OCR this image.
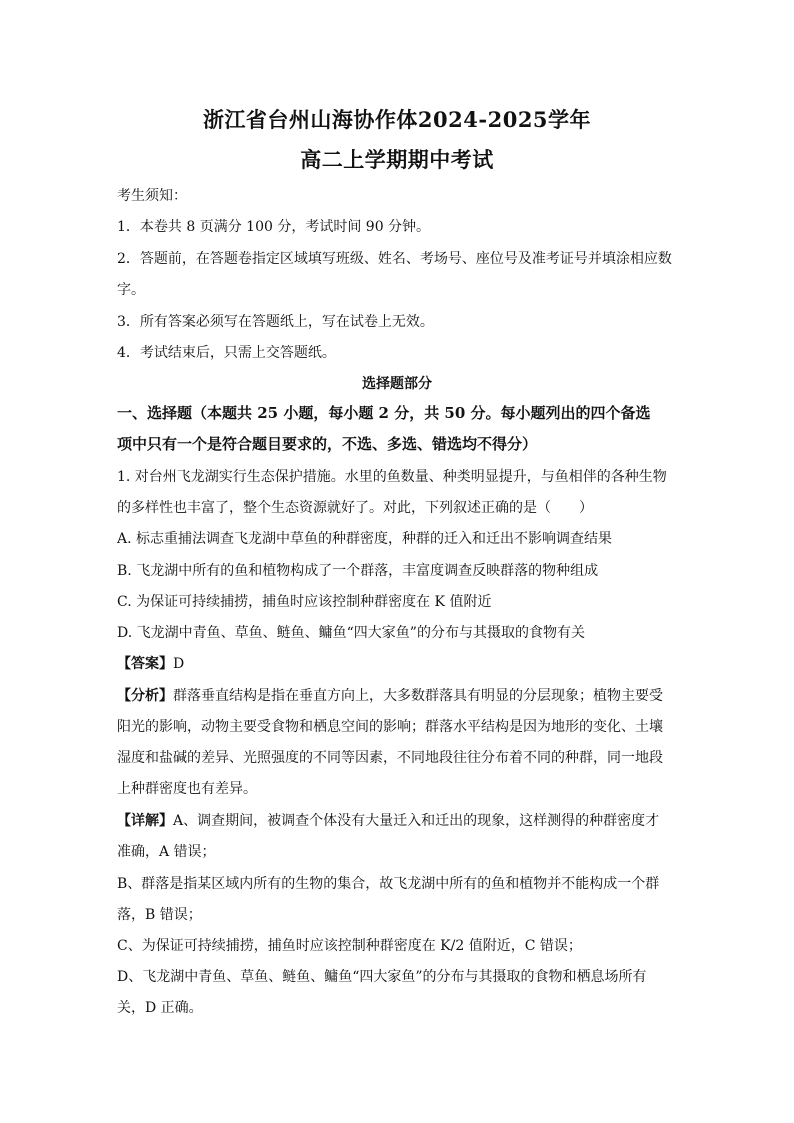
浙江省台州山海协作体2024-2025学年
高二上学期期中考试
考生须知：
1．本卷共 8 页满分 100 分，考试时间 90 分钟。
2．答题前，在答题卷指定区域填写班级、姓名、考场号、座位号及准考证号并填涂相应数
字。
3．所有答案必须写在答题纸上，写在试卷上无效。
4．考试结束后，只需上交答题纸。
选择题部分
一、选择题（本题共 25 小题，每小题 2 分，共 50 分。每小题列出的四个备选
项中只有一个是符合题目要求的，不选、多选、错选均不得分）
1. 对台州飞龙湖实行生态保护措施。水里的鱼数量、种类明显提升，与鱼相伴的各种生物
的多样性也丰富了，整个生态资源就好了。对此，下列叙述正确的是（　　）
A. 标志重捕法调查飞龙湖中草鱼的种群密度，种群的迁入和迁出不影响调查结果
B. 飞龙湖中所有的鱼和植物构成了一个群落，丰富度调查反映群落的物种组成
C. 为保证可持续捕捞，捕鱼时应该控制种群密度在 K 值附近
D. 飞龙湖中青鱼、草鱼、鲢鱼、鳙鱼“四大家鱼”的分布与其摄取的食物有关
【答案】D
【分析】群落垂直结构是指在垂直方向上，大多数群落具有明显的分层现象；植物主要受
阳光的影响，动物主要受食物和栖息空间的影响；群落水平结构是因为地形的变化、土壤
湿度和盐碱的差异、光照强度的不同等因素，不同地段往往分布着不同的种群，同一地段
上种群密度也有差异。
【详解】A、调查期间，被调查个体没有大量迁入和迁出的现象，这样测得的种群密度才
准确，A 错误；
B、群落是指某区域内所有的生物的集合，故飞龙湖中所有的鱼和植物并不能构成一个群
落，B 错误；
C、为保证可持续捕捞，捕鱼时应该控制种群密度在 K/2 值附近，C 错误；
D、飞龙湖中青鱼、草鱼、鲢鱼、鳙鱼“四大家鱼”的分布与其摄取的食物和栖息场所有
关，D 正确。
